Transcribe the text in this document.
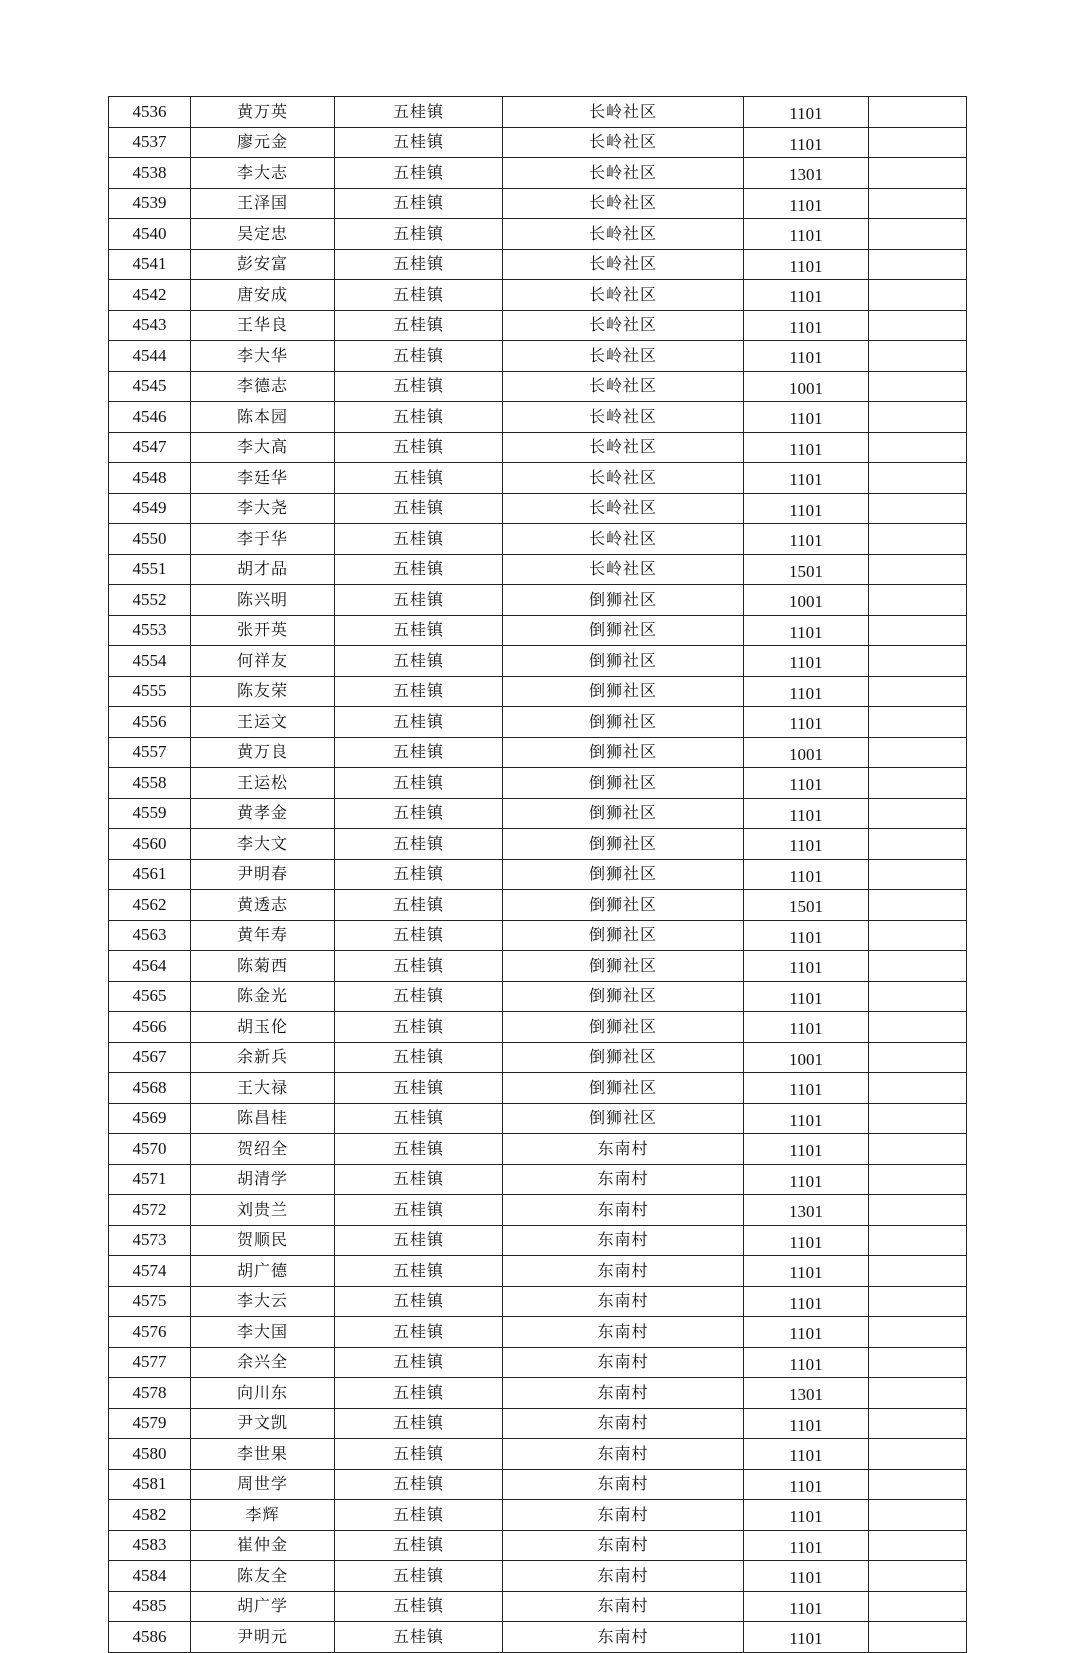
4536	黄万英	五桂镇	长岭社区	1101	
4537	廖元金	五桂镇	长岭社区	1101	
4538	李大志	五桂镇	长岭社区	1301	
4539	王泽国	五桂镇	长岭社区	1101	
4540	吴定忠	五桂镇	长岭社区	1101	
4541	彭安富	五桂镇	长岭社区	1101	
4542	唐安成	五桂镇	长岭社区	1101	
4543	王华良	五桂镇	长岭社区	1101	
4544	李大华	五桂镇	长岭社区	1101	
4545	李德志	五桂镇	长岭社区	1001	
4546	陈本园	五桂镇	长岭社区	1101	
4547	李大高	五桂镇	长岭社区	1101	
4548	李廷华	五桂镇	长岭社区	1101	
4549	李大尧	五桂镇	长岭社区	1101	
4550	李于华	五桂镇	长岭社区	1101	
4551	胡才品	五桂镇	长岭社区	1501	
4552	陈兴明	五桂镇	倒狮社区	1001	
4553	张开英	五桂镇	倒狮社区	1101	
4554	何祥友	五桂镇	倒狮社区	1101	
4555	陈友荣	五桂镇	倒狮社区	1101	
4556	王运文	五桂镇	倒狮社区	1101	
4557	黄万良	五桂镇	倒狮社区	1001	
4558	王运松	五桂镇	倒狮社区	1101	
4559	黄孝金	五桂镇	倒狮社区	1101	
4560	李大文	五桂镇	倒狮社区	1101	
4561	尹明春	五桂镇	倒狮社区	1101	
4562	黄透志	五桂镇	倒狮社区	1501	
4563	黄年寿	五桂镇	倒狮社区	1101	
4564	陈菊西	五桂镇	倒狮社区	1101	
4565	陈金光	五桂镇	倒狮社区	1101	
4566	胡玉伦	五桂镇	倒狮社区	1101	
4567	余新兵	五桂镇	倒狮社区	1001	
4568	王大禄	五桂镇	倒狮社区	1101	
4569	陈昌桂	五桂镇	倒狮社区	1101	
4570	贺绍全	五桂镇	东南村	1101	
4571	胡清学	五桂镇	东南村	1101	
4572	刘贵兰	五桂镇	东南村	1301	
4573	贺顺民	五桂镇	东南村	1101	
4574	胡广德	五桂镇	东南村	1101	
4575	李大云	五桂镇	东南村	1101	
4576	李大国	五桂镇	东南村	1101	
4577	余兴全	五桂镇	东南村	1101	
4578	向川东	五桂镇	东南村	1301	
4579	尹文凯	五桂镇	东南村	1101	
4580	李世果	五桂镇	东南村	1101	
4581	周世学	五桂镇	东南村	1101	
4582	李辉	五桂镇	东南村	1101	
4583	崔仲金	五桂镇	东南村	1101	
4584	陈友全	五桂镇	东南村	1101	
4585	胡广学	五桂镇	东南村	1101	
4586	尹明元	五桂镇	东南村	1101	
